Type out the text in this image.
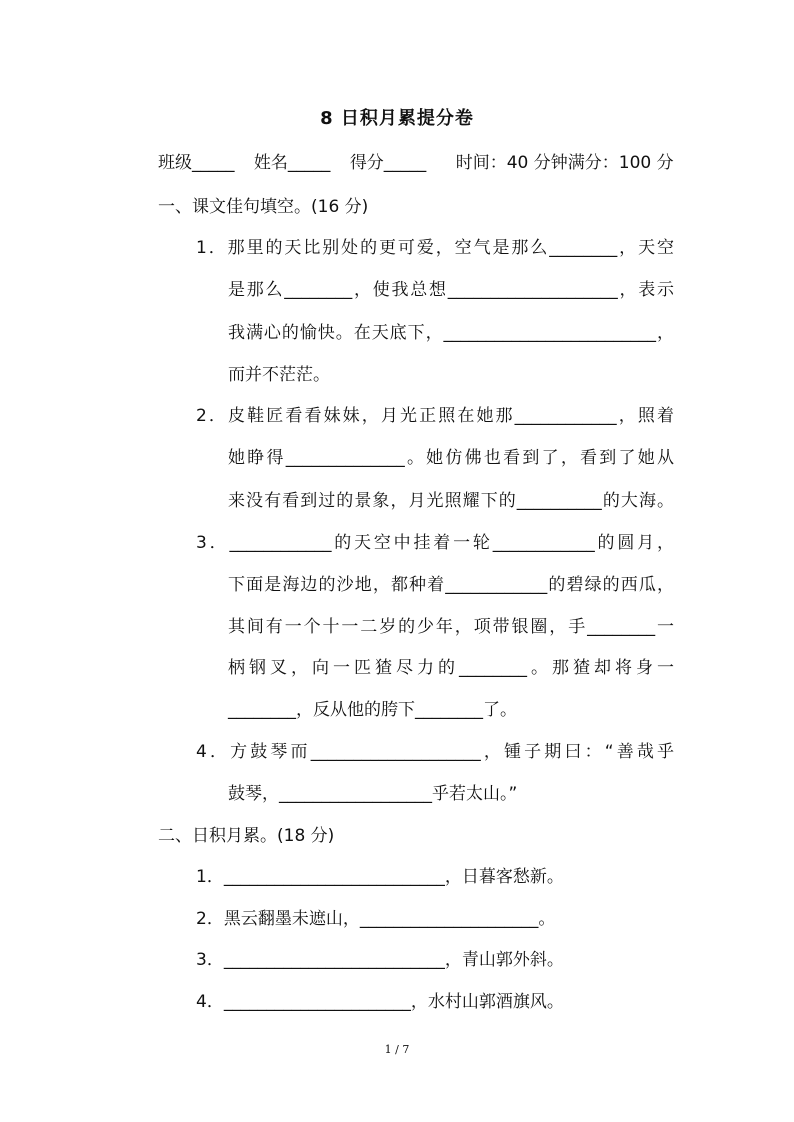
8 日积月累提分卷
班级_____ 姓名_____ 得分_____ 时间：40 分钟满分：100 分
一、课文佳句填空。(16 分)
1．那里的天比别处的更可爱，空气是那么________，天空
是那么________，使我总想____________________，表示
我满心的愉快。在天底下，_________________________，
而并不茫茫。
2．皮鞋匠看看妹妹，月光正照在她那____________，照着
她睁得______________。她仿佛也看到了，看到了她从
来没有看到过的景象，月光照耀下的__________的大海。
3．____________的天空中挂着一轮____________的圆月，
下面是海边的沙地，都种着____________的碧绿的西瓜，
其间有一个十一二岁的少年，项带银圈，手________一
柄钢叉，向一匹猹尽力的________。那猹却将身一
________，反从他的胯下________了。
4．方鼓琴而____________________，锺子期曰：“善哉乎
鼓琴，__________________乎若太山。”
二、日积月累。(18 分)
1．__________________________，日暮客愁新。
2．黑云翻墨未遮山，_____________________。
3．__________________________，青山郭外斜。
4．______________________，水村山郭酒旗风。
1 / 7
